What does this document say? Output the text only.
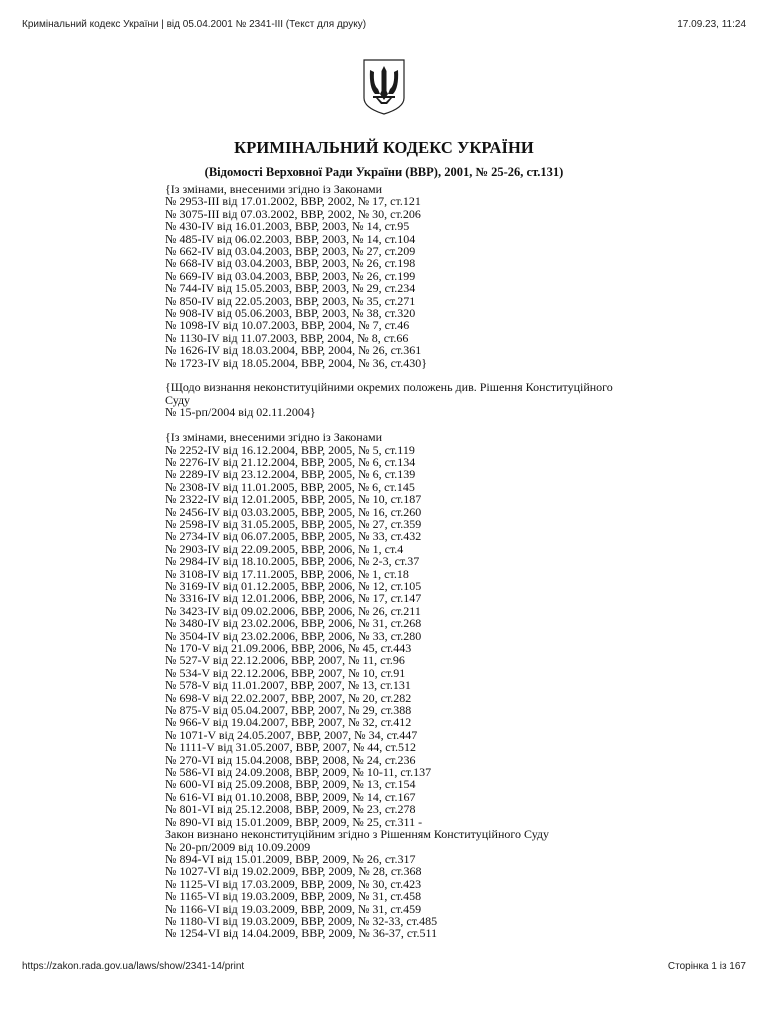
Кримінальний кодекс України | від 05.04.2001 № 2341-III (Текст для друку)	17.09.23, 11:24
КРИМІНАЛЬНИЙ КОДЕКС УКРАЇНИ
(Відомості Верховної Ради України (ВВР), 2001, № 25-26, ст.131)
{Із змінами, внесеними згідно із Законами
№ 2953-III від 17.01.2002, ВВР, 2002, № 17, ст.121
№ 3075-III від 07.03.2002, ВВР, 2002, № 30, ст.206
№ 430-IV від 16.01.2003, ВВР, 2003, № 14, ст.95
№ 485-IV від 06.02.2003, ВВР, 2003, № 14, ст.104
№ 662-IV від 03.04.2003, ВВР, 2003, № 27, ст.209
№ 668-IV від 03.04.2003, ВВР, 2003, № 26, ст.198
№ 669-IV від 03.04.2003, ВВР, 2003, № 26, ст.199
№ 744-IV від 15.05.2003, ВВР, 2003, № 29, ст.234
№ 850-IV від 22.05.2003, ВВР, 2003, № 35, ст.271
№ 908-IV від 05.06.2003, ВВР, 2003, № 38, ст.320
№ 1098-IV від 10.07.2003, ВВР, 2004, № 7, ст.46
№ 1130-IV від 11.07.2003, ВВР, 2004, № 8, ст.66
№ 1626-IV від 18.03.2004, ВВР, 2004, № 26, ст.361
№ 1723-IV від 18.05.2004, ВВР, 2004, № 36, ст.430}
{Щодо визнання неконституційними окремих положень див. Рішення Конституційного
Суду
№ 15-рп/2004 від 02.11.2004}
{Із змінами, внесеними згідно із Законами
№ 2252-IV від 16.12.2004, ВВР, 2005, № 5, ст.119
№ 2276-IV від 21.12.2004, ВВР, 2005, № 6, ст.134
№ 2289-IV від 23.12.2004, ВВР, 2005, № 6, ст.139
№ 2308-IV від 11.01.2005, ВВР, 2005, № 6, ст.145
№ 2322-IV від 12.01.2005, ВВР, 2005, № 10, ст.187
№ 2456-IV від 03.03.2005, ВВР, 2005, № 16, ст.260
№ 2598-IV від 31.05.2005, ВВР, 2005, № 27, ст.359
№ 2734-IV від 06.07.2005, ВВР, 2005, № 33, ст.432
№ 2903-IV від 22.09.2005, ВВР, 2006, № 1, ст.4
№ 2984-IV від 18.10.2005, ВВР, 2006, № 2-3, ст.37
№ 3108-IV від 17.11.2005, ВВР, 2006, № 1, ст.18
№ 3169-IV від 01.12.2005, ВВР, 2006, № 12, ст.105
№ 3316-IV від 12.01.2006, ВВР, 2006, № 17, ст.147
№ 3423-IV від 09.02.2006, ВВР, 2006, № 26, ст.211
№ 3480-IV від 23.02.2006, ВВР, 2006, № 31, ст.268
№ 3504-IV від 23.02.2006, ВВР, 2006, № 33, ст.280
№ 170-V від 21.09.2006, ВВР, 2006, № 45, ст.443
№ 527-V від 22.12.2006, ВВР, 2007, № 11, ст.96
№ 534-V від 22.12.2006, ВВР, 2007, № 10, ст.91
№ 578-V від 11.01.2007, ВВР, 2007, № 13, ст.131
№ 698-V від 22.02.2007, ВВР, 2007, № 20, ст.282
№ 875-V від 05.04.2007, ВВР, 2007, № 29, ст.388
№ 966-V від 19.04.2007, ВВР, 2007, № 32, ст.412
№ 1071-V від 24.05.2007, ВВР, 2007, № 34, ст.447
№ 1111-V від 31.05.2007, ВВР, 2007, № 44, ст.512
№ 270-VI від 15.04.2008, ВВР, 2008, № 24, ст.236
№ 586-VI від 24.09.2008, ВВР, 2009, № 10-11, ст.137
№ 600-VI від 25.09.2008, ВВР, 2009, № 13, ст.154
№ 616-VI від 01.10.2008, ВВР, 2009, № 14, ст.167
№ 801-VI від 25.12.2008, ВВР, 2009, № 23, ст.278
№ 890-VI від 15.01.2009, ВВР, 2009, № 25, ст.311 -
Закон визнано неконституційним згідно з Рішенням Конституційного Суду
№ 20-рп/2009 від 10.09.2009
№ 894-VI від 15.01.2009, ВВР, 2009, № 26, ст.317
№ 1027-VI від 19.02.2009, ВВР, 2009, № 28, ст.368
№ 1125-VI від 17.03.2009, ВВР, 2009, № 30, ст.423
№ 1165-VI від 19.03.2009, ВВР, 2009, № 31, ст.458
№ 1166-VI від 19.03.2009, ВВР, 2009, № 31, ст.459
№ 1180-VI від 19.03.2009, ВВР, 2009, № 32-33, ст.485
№ 1254-VI від 14.04.2009, ВВР, 2009, № 36-37, ст.511
https://zakon.rada.gov.ua/laws/show/2341-14/print	Сторінка 1 із 167
